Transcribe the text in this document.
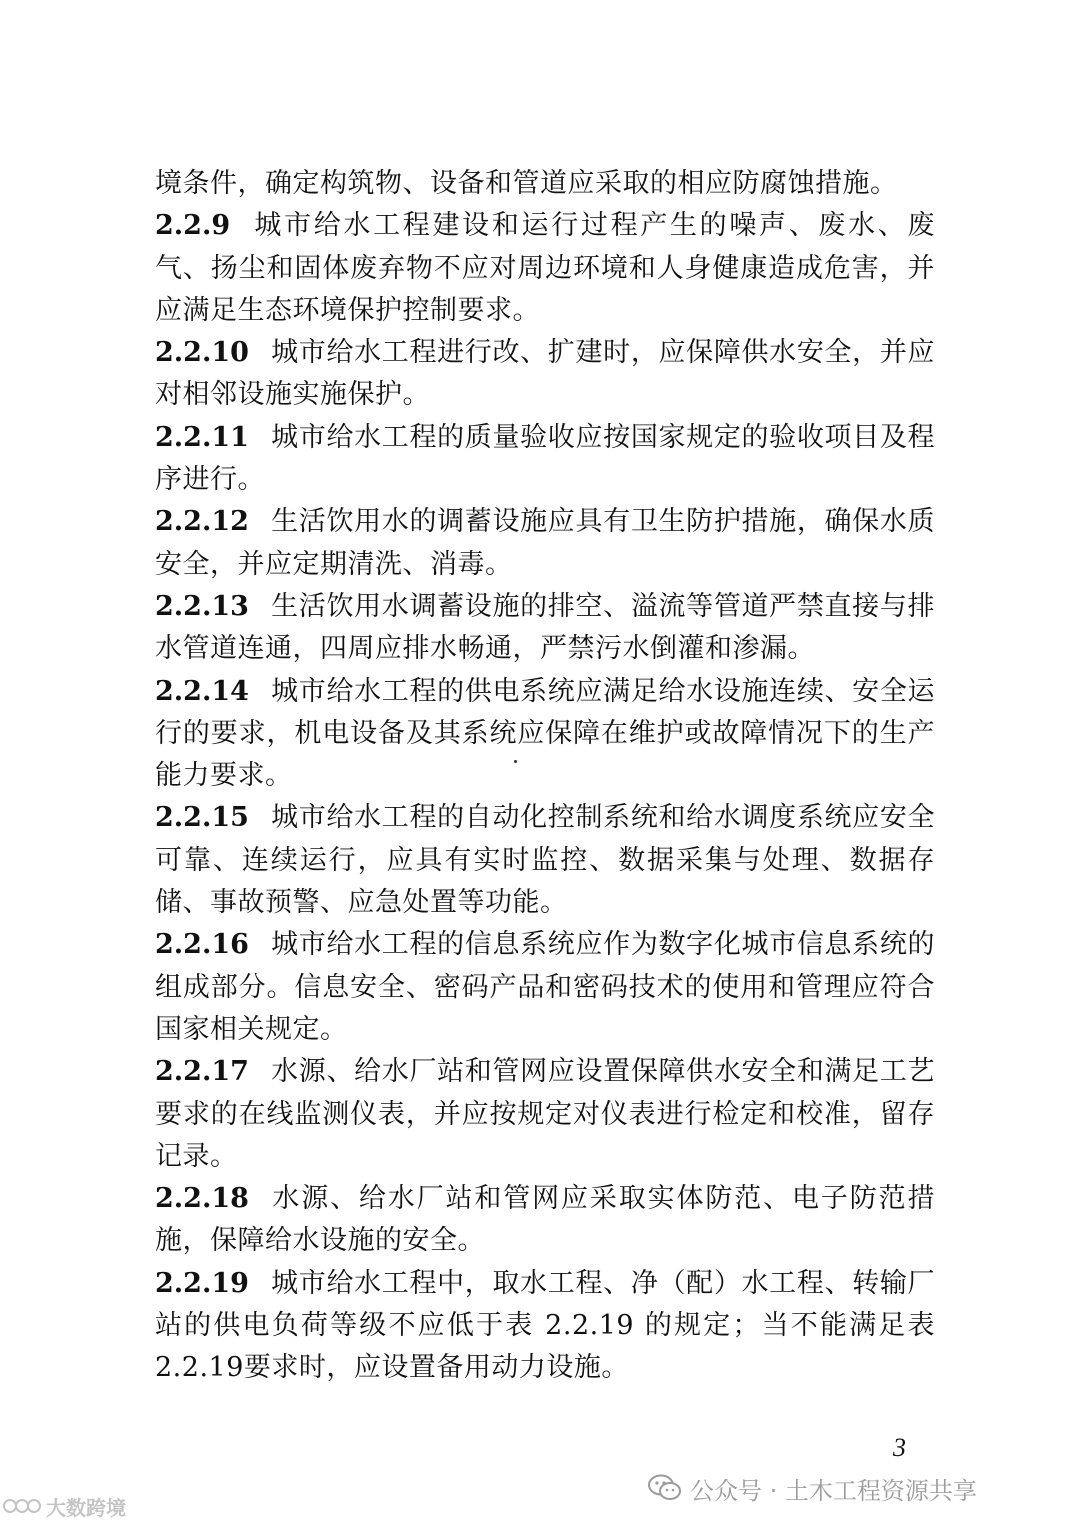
境条件，确定构筑物、设备和管道应采取的相应防腐蚀措施。

2.2.9 城市给水工程建设和运行过程产生的噪声、废水、废气、扬尘和固体废弃物不应对周边环境和人身健康造成危害，并应满足生态环境保护控制要求。

2.2.10 城市给水工程进行改、扩建时，应保障供水安全，并应对相邻设施实施保护。

2.2.11 城市给水工程的质量验收应按国家规定的验收项目及程序进行。

2.2.12 生活饮用水的调蓄设施应具有卫生防护措施，确保水质安全，并应定期清洗、消毒。

2.2.13 生活饮用水调蓄设施的排空、溢流等管道严禁直接与排水管道连通，四周应排水畅通，严禁污水倒灌和渗漏。

2.2.14 城市给水工程的供电系统应满足给水设施连续、安全运行的要求，机电设备及其系统应保障在维护或故障情况下的生产能力要求。

2.2.15 城市给水工程的自动化控制系统和给水调度系统应安全可靠、连续运行，应具有实时监控、数据采集与处理、数据存储、事故预警、应急处置等功能。

2.2.16 城市给水工程的信息系统应作为数字化城市信息系统的组成部分。信息安全、密码产品和密码技术的使用和管理应符合国家相关规定。

2.2.17 水源、给水厂站和管网应设置保障供水安全和满足工艺要求的在线监测仪表，并应按规定对仪表进行检定和校准，留存记录。

2.2.18 水源、给水厂站和管网应采取实体防范、电子防范措施，保障给水设施的安全。

2.2.19 城市给水工程中，取水工程、净（配）水工程、转输厂站的供电负荷等级不应低于表 2.2.19 的规定；当不能满足表 2.2.19要求时，应设置备用动力设施。

3
公众号 · 土木工程资源共享
大数跨境
